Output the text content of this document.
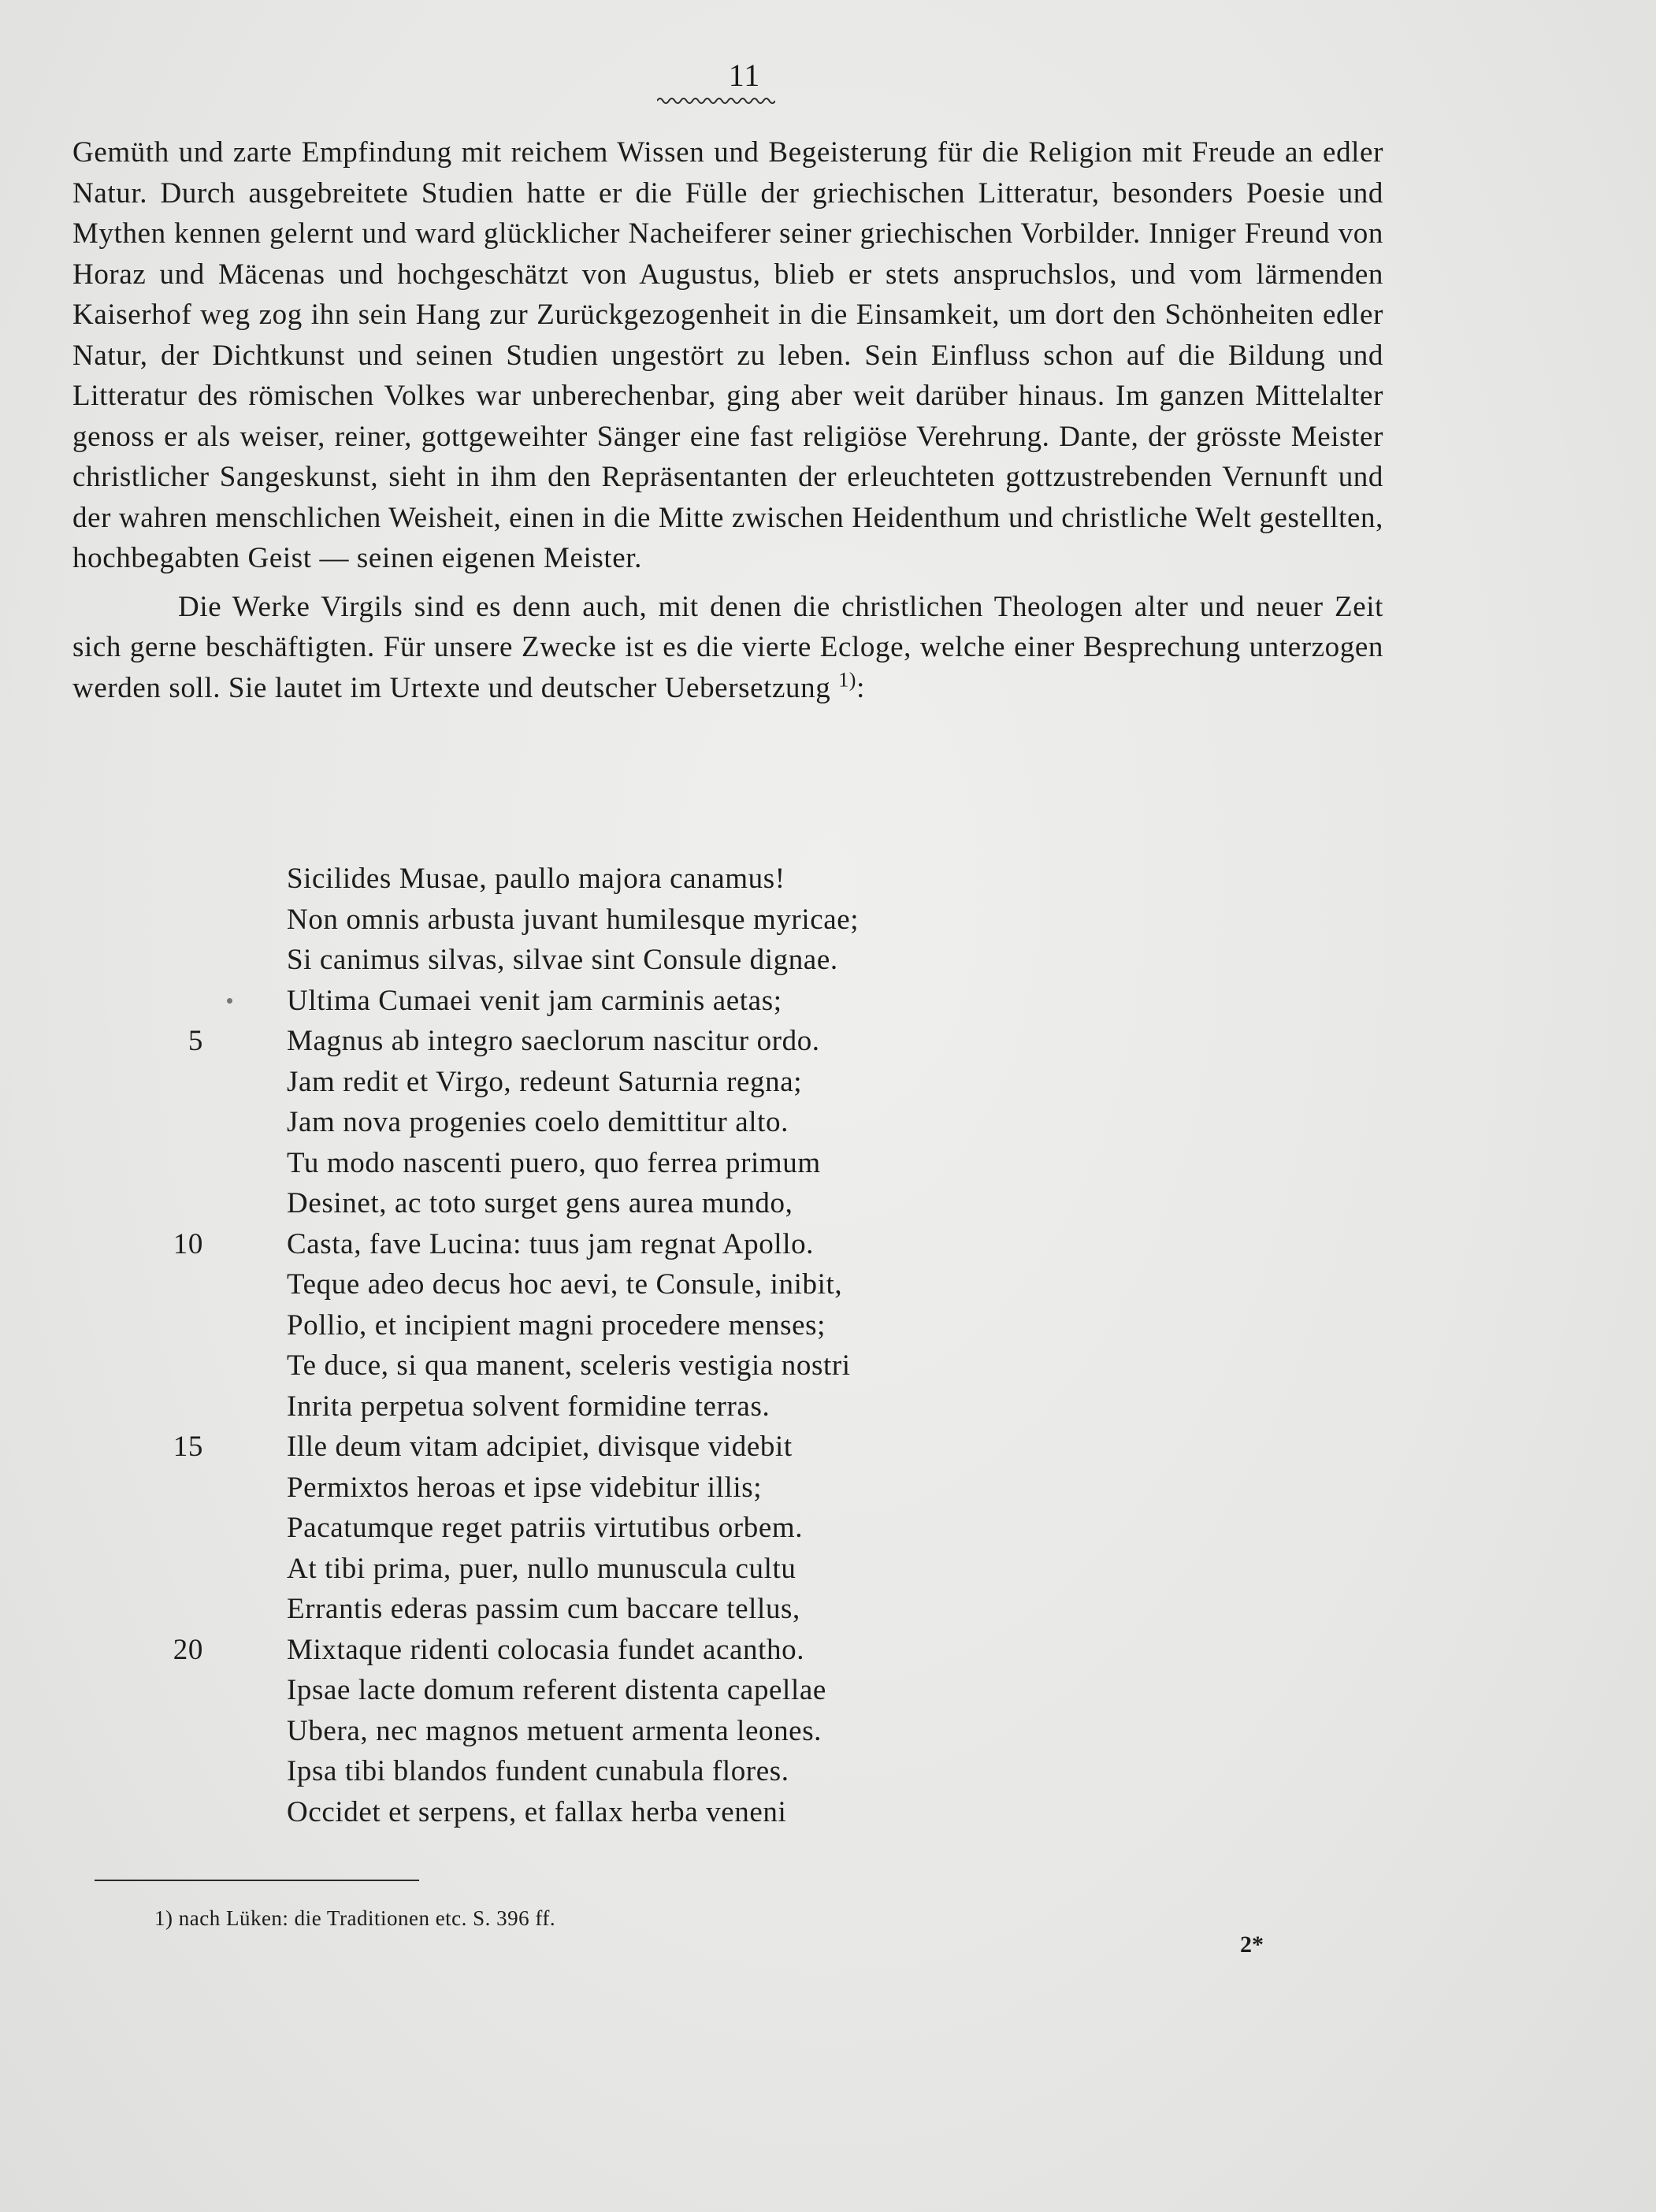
11

Gemüth und zarte Empfindung mit reichem Wissen und Begeisterung für die Religion mit Freude an edler Natur. Durch ausgebreitete Studien hatte er die Fülle der griechischen Litteratur, besonders Poesie und Mythen kennen gelernt und ward glücklicher Nacheiferer seiner griechischen Vorbilder. Inniger Freund von Horaz und Mäcenas und hochgeschätzt von Augustus, blieb er stets anspruchslos, und vom lärmenden Kaiserhof weg zog ihn sein Hang zur Zurückgezogenheit in die Einsamkeit, um dort den Schönheiten edler Natur, der Dichtkunst und seinen Studien ungestört zu leben. Sein Einfluss schon auf die Bildung und Litteratur des römischen Volkes war unberechenbar, ging aber weit darüber hinaus. Im ganzen Mittelalter genoss er als weiser, reiner, gottgeweihter Sänger eine fast religiöse Verehrung. Dante, der grösste Meister christlicher Sangeskunst, sieht in ihm den Repräsentanten der erleuchteten gottzustrebenden Vernunft und der wahren menschlichen Weisheit, einen in die Mitte zwischen Heidenthum und christliche Welt gestellten, hochbegabten Geist — seinen eigenen Meister.

Die Werke Virgils sind es denn auch, mit denen die christlichen Theologen alter und neuer Zeit sich gerne beschäftigten. Für unsere Zwecke ist es die vierte Ecloge, welche einer Besprechung unterzogen werden soll. Sie lautet im Urtexte und deutscher Uebersetzung $^{1)}$:

Sicilides Musae, paullo majora canamus!
Non omnis arbusta juvant humilesque myricae;
Si canimus silvas, silvae sint Consule dignae.
Ultima Cumaei venit jam carminis aetas;
5	Magnus ab integro saeclorum nascitur ordo.
Jam redit et Virgo, redeunt Saturnia regna;
Jam nova progenies coelo demittitur alto.
Tu modo nascenti puero, quo ferrea primum
Desinet, ac toto surget gens aurea mundo,
10	Casta, fave Lucina: tuus jam regnat Apollo.
Teque adeo decus hoc aevi, te Consule, inibit,
Pollio, et incipient magni procedere menses;
Te duce, si qua manent, sceleris vestigia nostri
Inrita perpetua solvent formidine terras.
15	Ille deum vitam adcipiet, divisque videbit
Permixtos heroas et ipse videbitur illis;
Pacatumque reget patriis virtutibus orbem.
At tibi prima, puer, nullo munuscula cultu
Errantis ederas passim cum baccare tellus,
20	Mixtaque ridenti colocasia fundet acantho.
Ipsae lacte domum referent distenta capellae
Ubera, nec magnos metuent armenta leones.
Ipsa tibi blandos fundent cunabula flores.
Occidet et serpens, et fallax herba veneni
1) nach Lüken: die Traditionen etc. S. 396 ff.
2*
